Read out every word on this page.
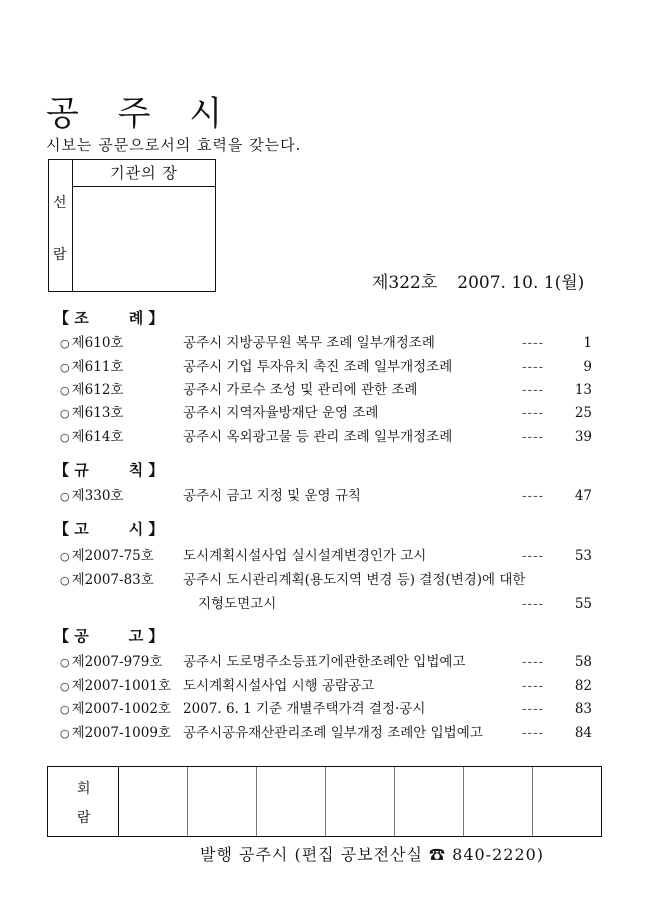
공 주 시
시보는 공문으로서의 효력을 갖는다.
선
람
기관의 장
제322호 2007. 10. 1(월)
【 조	례 】
○ 제610호	공주시 지방공무원 복무 조례 일부개정조례	----	1
○ 제611호	공주시 기업 투자유치 촉진 조례 일부개정조례	----	9
○ 제612호	공주시 가로수 조성 및 관리에 관한 조례	---- 13
○ 제613호	공주시 지역자율방재단 운영 조례	---- 25
○ 제614호	공주시 옥외광고물 등 관리 조례 일부개정조례	---- 39
【 규	칙 】
○ 제330호	공주시 금고 지정 및 운영 규칙	---- 47
【 고	시 】
○ 제2007-75호 도시계획시설사업 실시설계변경인가 고시	---- 53
○ 제2007-83호 공주시 도시관리계획(용도지역 변경 등) 결정(변경)에 대한
지형도면고시	---- 55
【 공	고 】
○ 제2007-979호 공주시 도로명주소등표기에관한조례안 입법예고	---- 58
○ 제2007-1001호 도시계획시설사업 시행 공람공고	---- 82
○ 제2007-1002호 2007. 6. 1 기준 개별주택가격 결정·공시	---- 83
○ 제2007-1009호 공주시공유재산관리조례 일부개정 조례안 입법예고	---- 84
회
람
발행 공주시 (편집 공보전산실 ☎ 840-2220)
